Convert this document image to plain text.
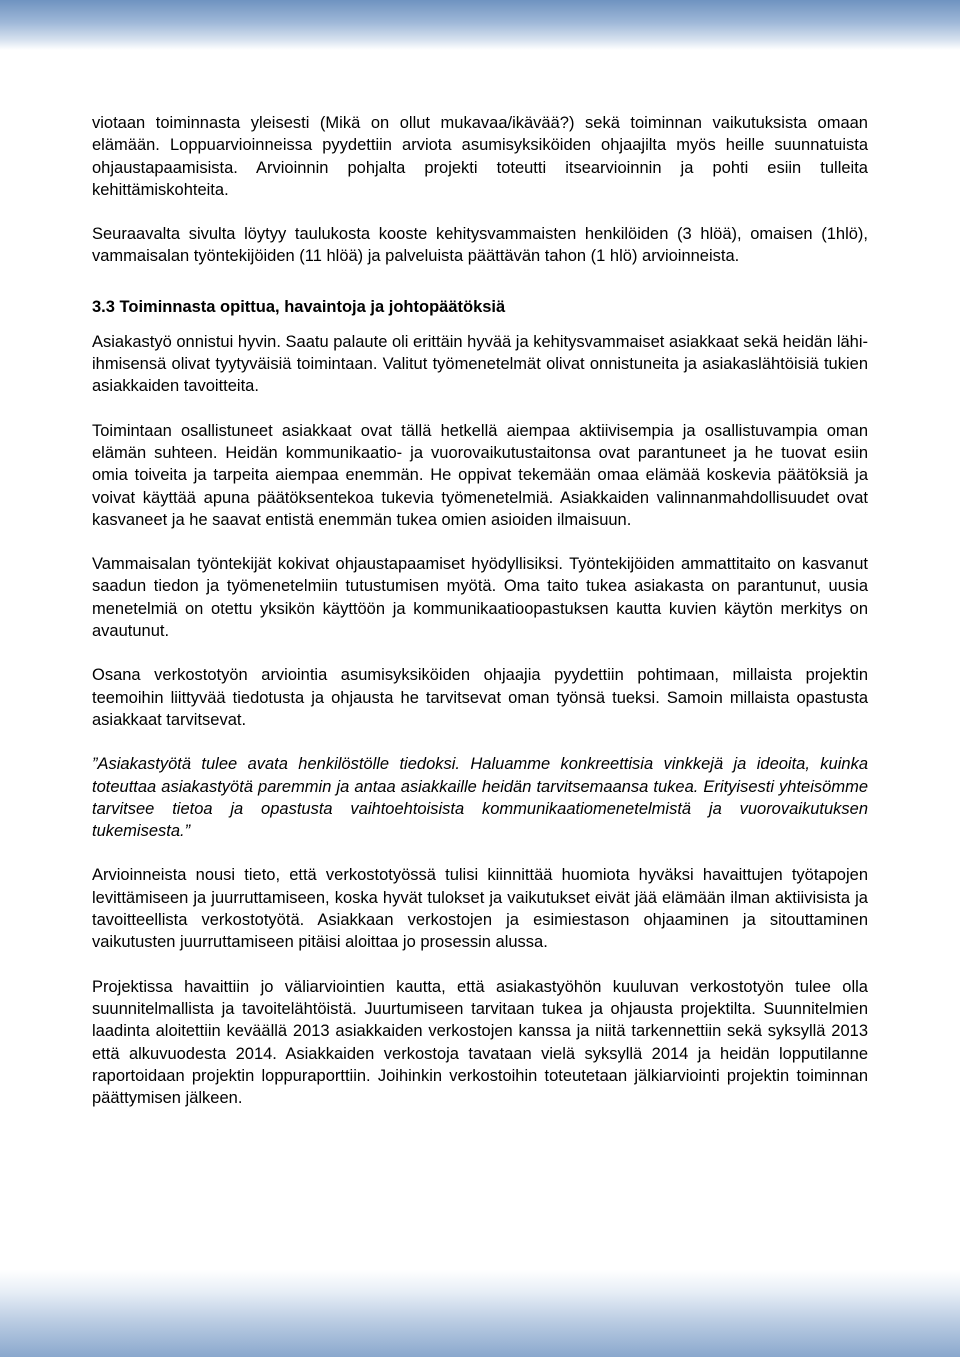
viotaan toiminnasta yleisesti (Mikä on ollut mukavaa/ikävää?) sekä toiminnan vaikutuksista omaan elämään. Loppuarvioinneissa pyydettiin arviota asumisyksiköiden ohjaajilta myös heille suunnatuista ohjaustapaamisista. Arvioinnin pohjalta projekti toteutti itsearvioinnin ja pohti esiin tulleita kehittämiskohteita.

Seuraavalta sivulta löytyy taulukosta kooste kehitysvammaisten henkilöiden (3 hlöä), omaisen (1hlö), vammaisalan työntekijöiden (11 hlöä) ja palveluista päättävän tahon (1 hlö) arvioinneista.

3.3 Toiminnasta opittua, havaintoja ja johtopäätöksiä

Asiakastyö onnistui hyvin. Saatu palaute oli erittäin hyvää ja kehitysvammaiset asiakkaat sekä heidän lähi-ihmisensä olivat tyytyväisiä toimintaan. Valitut työmenetelmät olivat onnistuneita ja asiakaslähtöisiä tukien asiakkaiden tavoitteita.

Toimintaan osallistuneet asiakkaat ovat tällä hetkellä aiempaa aktiivisempia ja osallistuvampia oman elämän suhteen. Heidän kommunikaatio- ja vuorovaikutustaitonsa ovat parantuneet ja he tuovat esiin omia toiveita ja tarpeita aiempaa enemmän. He oppivat tekemään omaa elämää koskevia päätöksiä ja voivat käyttää apuna päätöksentekoa tukevia työmenetelmiä. Asiakkaiden valinnanmahdollisuudet ovat kasvaneet ja he saavat entistä enemmän tukea omien asioiden ilmaisuun.

Vammaisalan työntekijät kokivat ohjaustapaamiset hyödyllisiksi. Työntekijöiden ammattitaito on kasvanut saadun tiedon ja työmenetelmiin tutustumisen myötä. Oma taito tukea asiakasta on parantunut, uusia menetelmiä on otettu yksikön käyttöön ja kommunikaatioopastuksen kautta kuvien käytön merkitys on avautunut.

Osana verkostotyön arviointia asumisyksiköiden ohjaajia pyydettiin pohtimaan, millaista projektin teemoihin liittyvää tiedotusta ja ohjausta he tarvitsevat oman työnsä tueksi. Samoin millaista opastusta asiakkaat tarvitsevat.

”Asiakastyötä tulee avata henkilöstölle tiedoksi. Haluamme konkreettisia vinkkejä ja ideoita, kuinka toteuttaa asiakastyötä paremmin ja antaa asiakkaille heidän tarvitsemaansa tukea. Erityisesti yhteisömme tarvitsee tietoa ja opastusta vaihtoehtoisista kommunikaatiomenetelmistä ja vuorovaikutuksen tukemisesta.”

Arvioinneista nousi tieto, että verkostotyössä tulisi kiinnittää huomiota hyväksi havaittujen työtapojen levittämiseen ja juurruttamiseen, koska hyvät tulokset ja vaikutukset eivät jää elämään ilman aktiivisista ja tavoitteellista verkostotyötä. Asiakkaan verkostojen ja esimiestason ohjaaminen ja sitouttaminen vaikutusten juurruttamiseen pitäisi aloittaa jo prosessin alussa.

Projektissa havaittiin jo väliarviointien kautta, että asiakastyöhön kuuluvan verkostotyön tulee olla suunnitelmallista ja tavoitelähtöistä. Juurtumiseen tarvitaan tukea ja ohjausta projektilta. Suunnitelmien laadinta aloitettiin keväällä 2013 asiakkaiden verkostojen kanssa ja niitä tarkennettiin sekä syksyllä 2013 että alkuvuodesta 2014. Asiakkaiden verkostoja tavataan vielä syksyllä 2014 ja heidän lopputilanne raportoidaan projektin loppuraporttiin. Joihinkin verkostoihin toteutetaan jälkiarviointi projektin toiminnan päättymisen jälkeen.
